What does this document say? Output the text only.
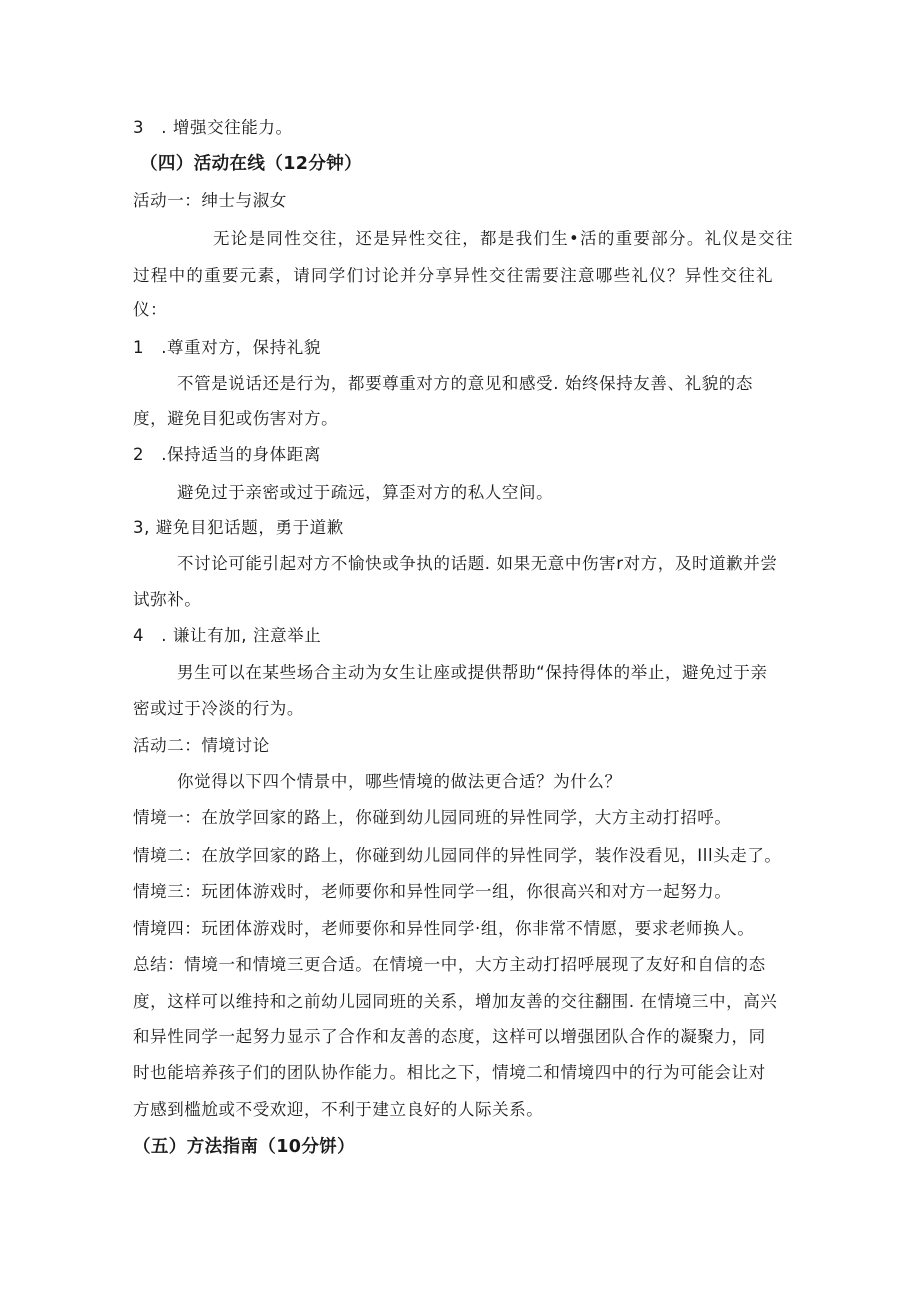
3　. 增强交往能力。
（四）活动在线（12分钟）
活动一：绅士与淑女
无论是同性交往，还是异性交往，都是我们生•活的重要部分。礼仪是交往
过程中的重要元素，请同学们讨论并分享异性交往需要注意哪些礼仪？异性交往礼
仪：
1　.尊重对方，保持礼貌
不管是说话还是行为，都要尊重对方的意见和感受. 始终保持友善、礼貌的态
度，避免目犯或伤害对方。
2　.保持适当的身体距离
避免过于亲密或过于疏远，算歪对方的私人空间。
3, 避免目犯话题，勇于道歉
不讨论可能引起对方不愉快或争执的话题. 如果无意中伤害r对方，及时道歉并尝
试弥补。
4　. 谦让有加, 注意举止
男生可以在某些场合主动为女生让座或提供帮助“保持得体的举止，避免过于亲
密或过于冷淡的行为。
活动二：情境讨论
你觉得以下四个情景中，哪些情境的做法更合适？为什么？
情境一：在放学回家的路上，你碰到幼儿园同班的异性同学，大方主动打招呼。
情境二：在放学回家的路上，你碰到幼儿园同伴的异性同学，装作没看见，Ill头走了。
情境三：玩团体游戏时，老师要你和异性同学一组，你很高兴和对方一起努力。
情境四：玩团体游戏时，老师要你和异性同学·组，你非常不情愿，要求老师换人。
总结：情境一和情境三更合适。在情境一中，大方主动打招呼展现了友好和自信的态
度，这样可以维持和之前幼儿园同班的关系，增加友善的交往翻围. 在情境三中，高兴
和异性同学一起努力显示了合作和友善的态度，这样可以增强团队合作的凝聚力，同
时也能培养孩子们的团队协作能力。相比之下，情境二和情境四中的行为可能会让对
方感到槛尬或不受欢迎，不利于建立良好的人际关系。
（五）方法指南（10分饼）
